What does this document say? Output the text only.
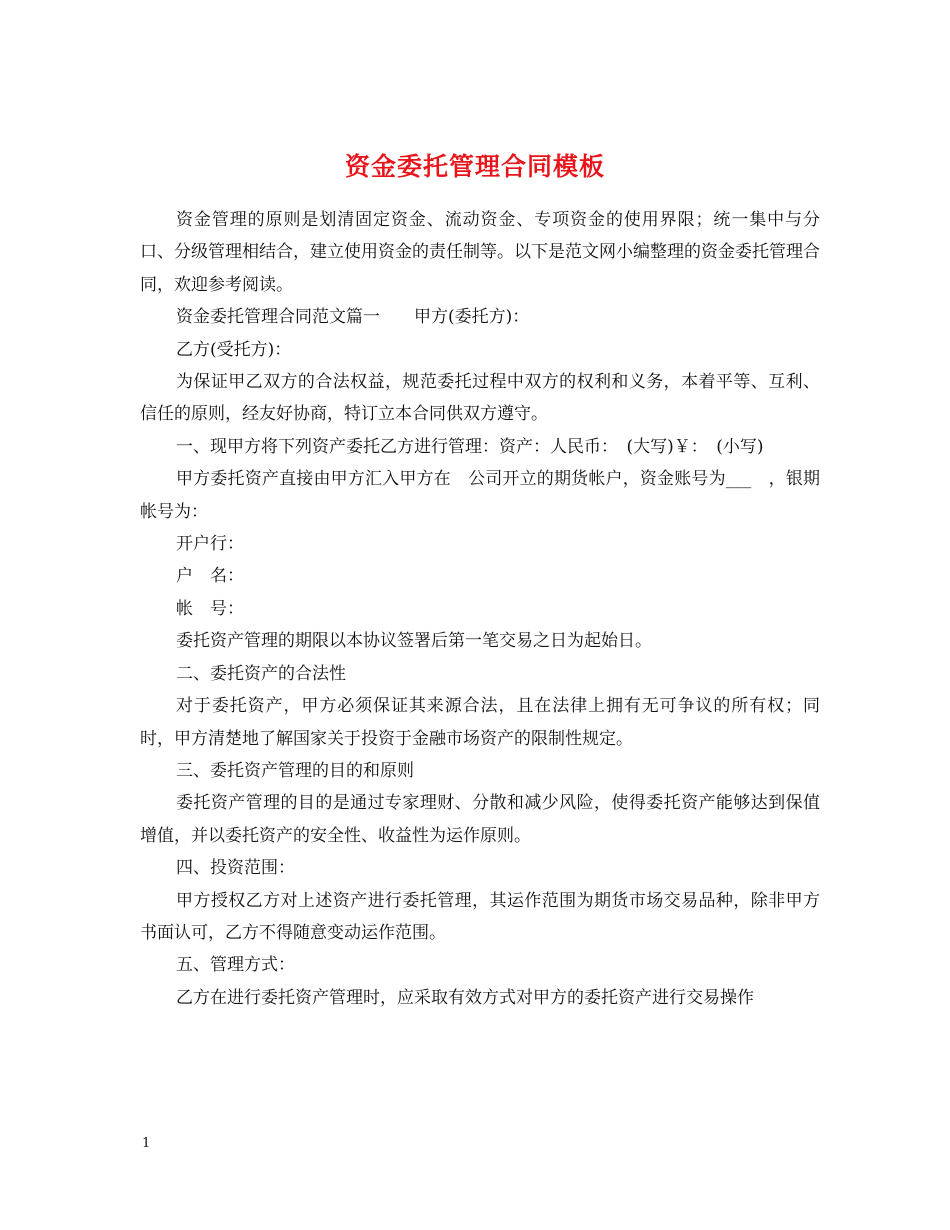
资金委托管理合同模板

资金管理的原则是划清固定资金、流动资金、专项资金的使用界限；统一集中与分口、分级管理相结合，建立使用资金的责任制等。以下是范文网小编整理的资金委托管理合同，欢迎参考阅读。

资金委托管理合同范文篇一　　甲方(委托方)：

乙方(受托方)：

为保证甲乙双方的合法权益，规范委托过程中双方的权利和义务，本着平等、互利、信任的原则，经友好协商，特订立本合同供双方遵守。

一、现甲方将下列资产委托乙方进行管理：资产：人民币：　(大写)￥：　(小写)

甲方委托资产直接由甲方汇入甲方在　公司开立的期货帐户，资金账号为___　，银期帐号为：

开户行：

户　名：

帐　号：

委托资产管理的期限以本协议签署后第一笔交易之日为起始日。

二、委托资产的合法性

对于委托资产，甲方必须保证其来源合法，且在法律上拥有无可争议的所有权；同时，甲方清楚地了解国家关于投资于金融市场资产的限制性规定。

三、委托资产管理的目的和原则

委托资产管理的目的是通过专家理财、分散和减少风险，使得委托资产能够达到保值增值，并以委托资产的安全性、收益性为运作原则。

四、投资范围：

甲方授权乙方对上述资产进行委托管理，其运作范围为期货市场交易品种，除非甲方书面认可，乙方不得随意变动运作范围。

五、管理方式：

乙方在进行委托资产管理时，应采取有效方式对甲方的委托资产进行交易操作

1
